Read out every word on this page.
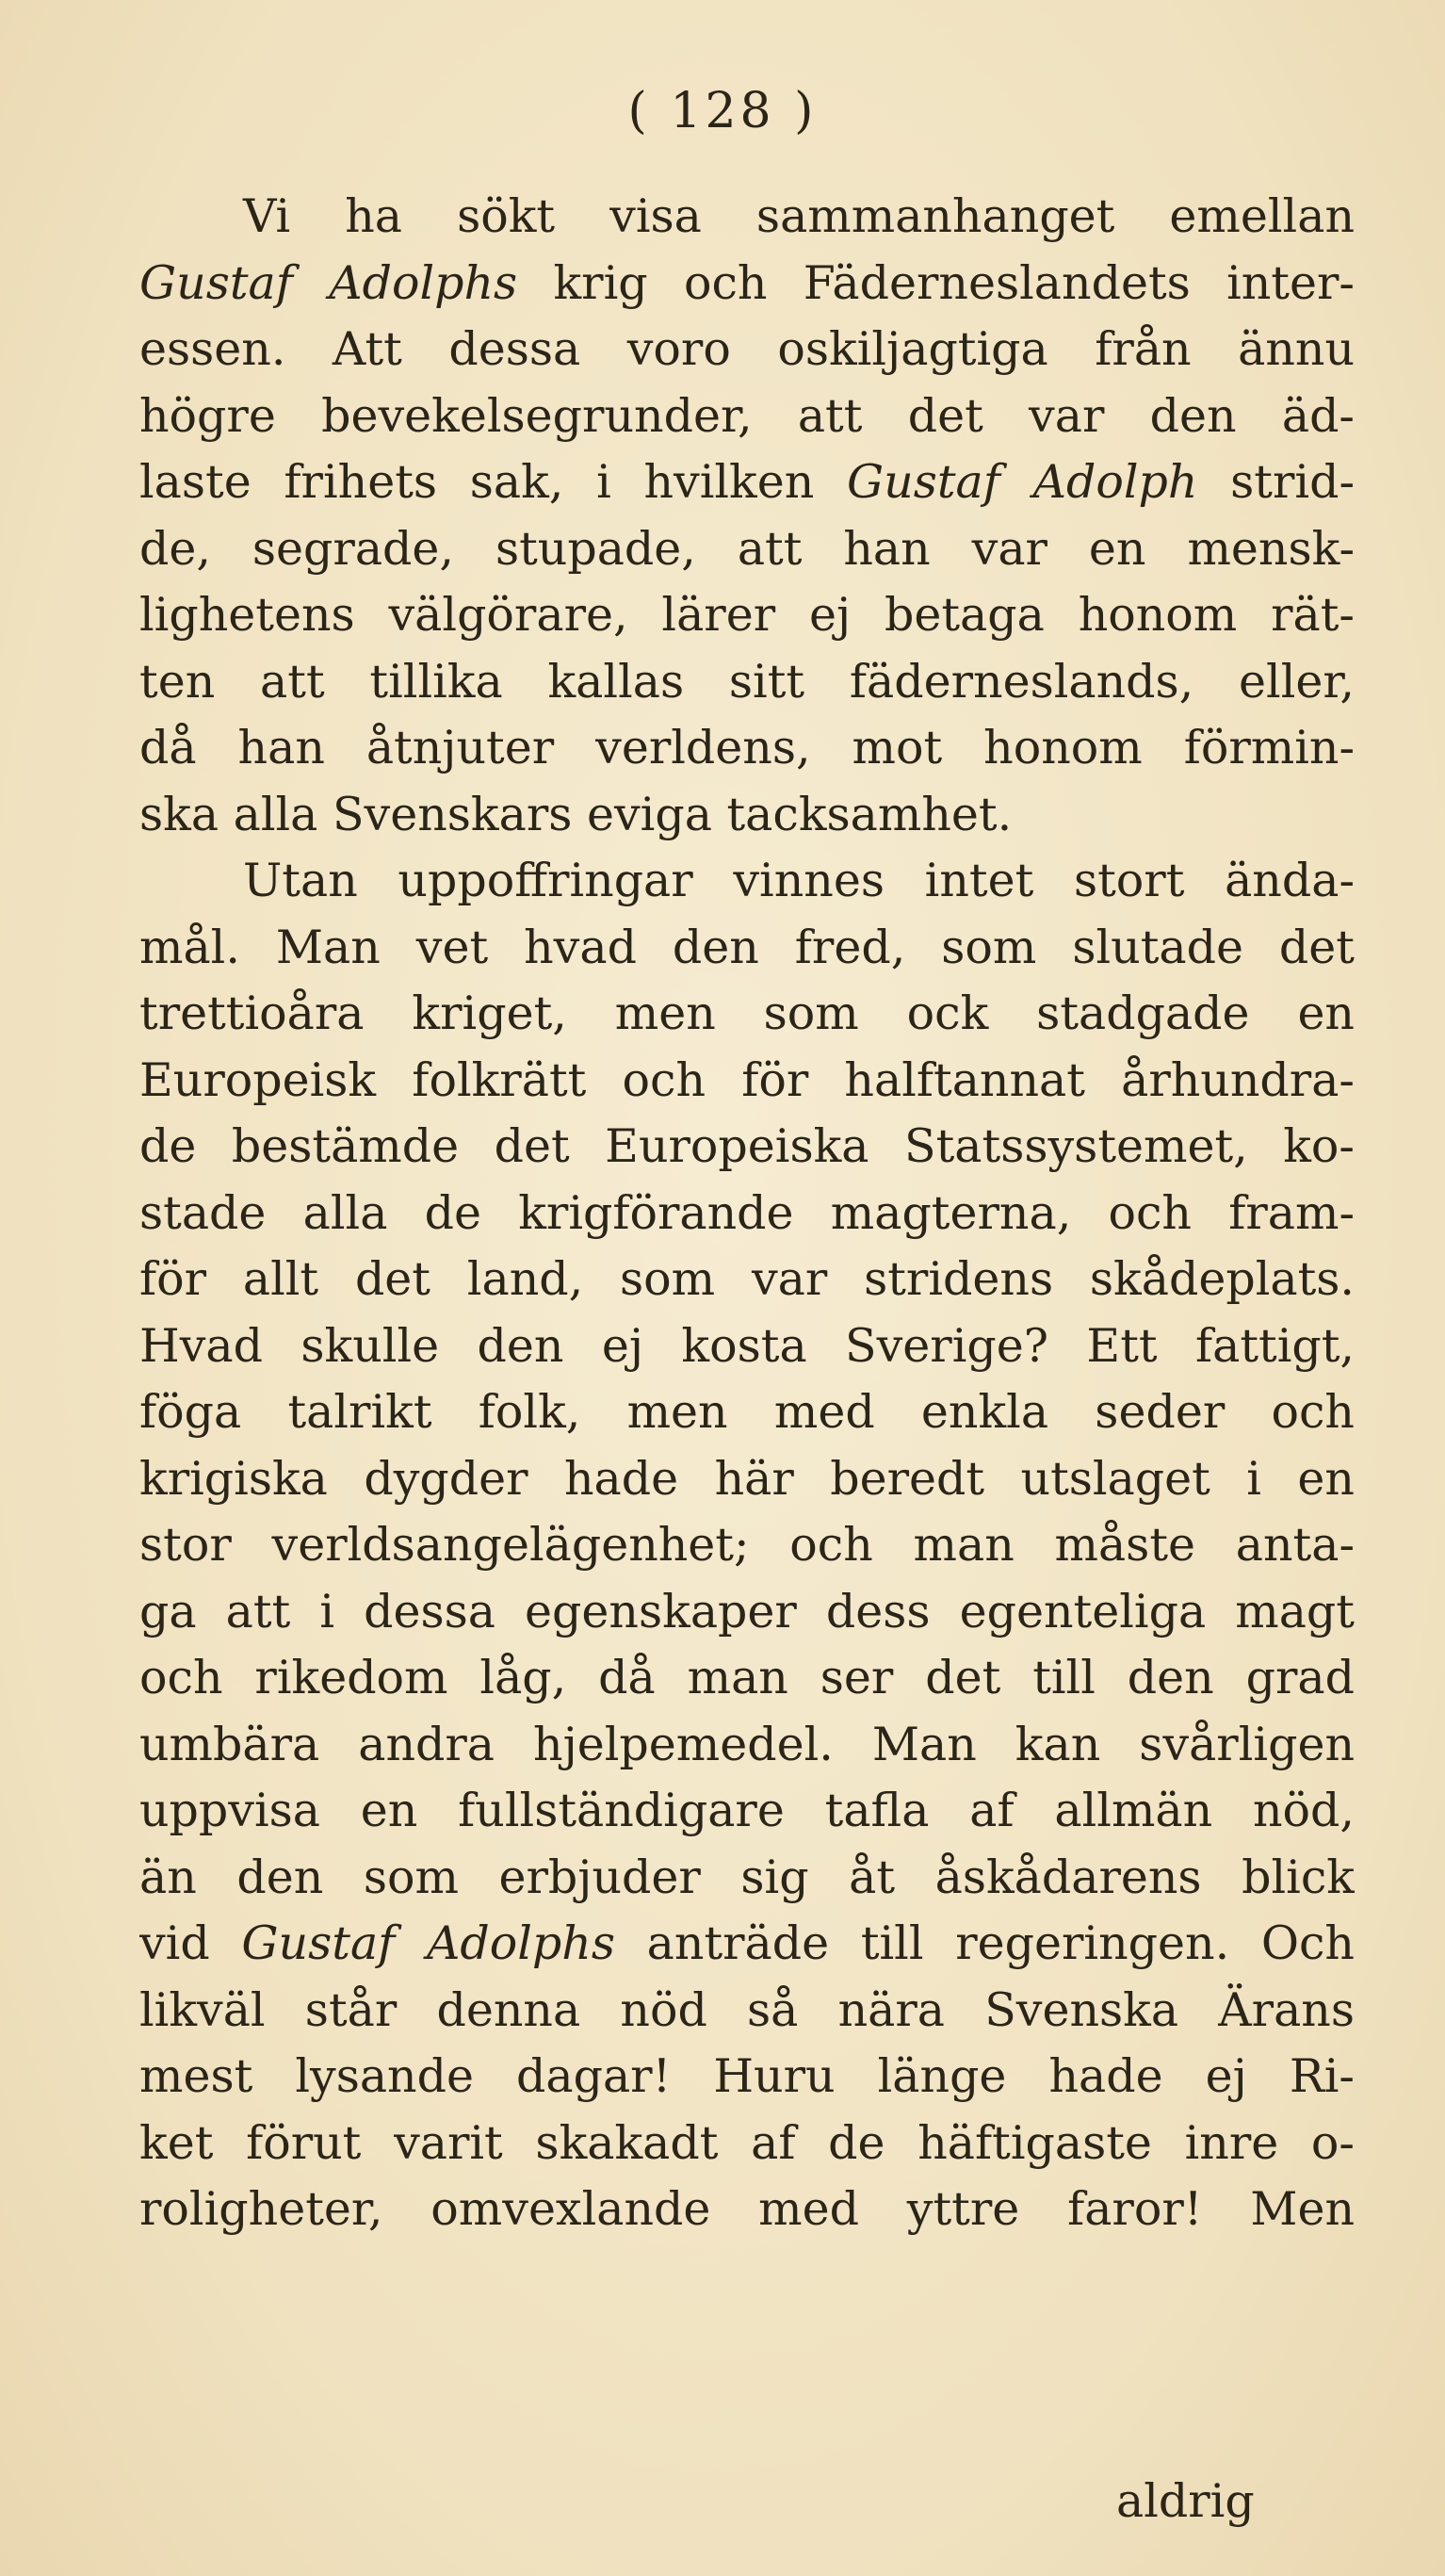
( 128 )
Vi ha sökt visa sammanhanget emellan
Gustaf Adolphs krig och Fäderneslandets inter-
essen. Att dessa voro oskiljagtiga från ännu
högre bevekelsegrunder, att det var den äd-
laste frihets sak, i hvilken Gustaf Adolph strid-
de, segrade, stupade, att han var en mensk-
lighetens välgörare, lärer ej betaga honom rät-
ten att tillika kallas sitt fäderneslands, eller,
då han åtnjuter verldens, mot honom förmin-
ska alla Svenskars eviga tacksamhet.
Utan uppoffringar vinnes intet stort ända-
mål. Man vet hvad den fred, som slutade det
trettioåra kriget, men som ock stadgade en
Europeisk folkrätt och för halftannat århundra-
de bestämde det Europeiska Statssystemet, ko-
stade alla de krigförande magterna, och fram-
för allt det land, som var stridens skådeplats.
Hvad skulle den ej kosta Sverige? Ett fattigt,
föga talrikt folk, men med enkla seder och
krigiska dygder hade här beredt utslaget i en
stor verldsangelägenhet; och man måste anta-
ga att i dessa egenskaper dess egenteliga magt
och rikedom låg, då man ser det till den grad
umbära andra hjelpemedel. Man kan svårligen
uppvisa en fullständigare tafla af allmän nöd,
än den som erbjuder sig åt åskådarens blick
vid Gustaf Adolphs anträde till regeringen. Och
likväl står denna nöd så nära Svenska Ärans
mest lysande dagar! Huru länge hade ej Ri-
ket förut varit skakadt af de häftigaste inre o-
roligheter, omvexlande med yttre faror! Men
aldrig
